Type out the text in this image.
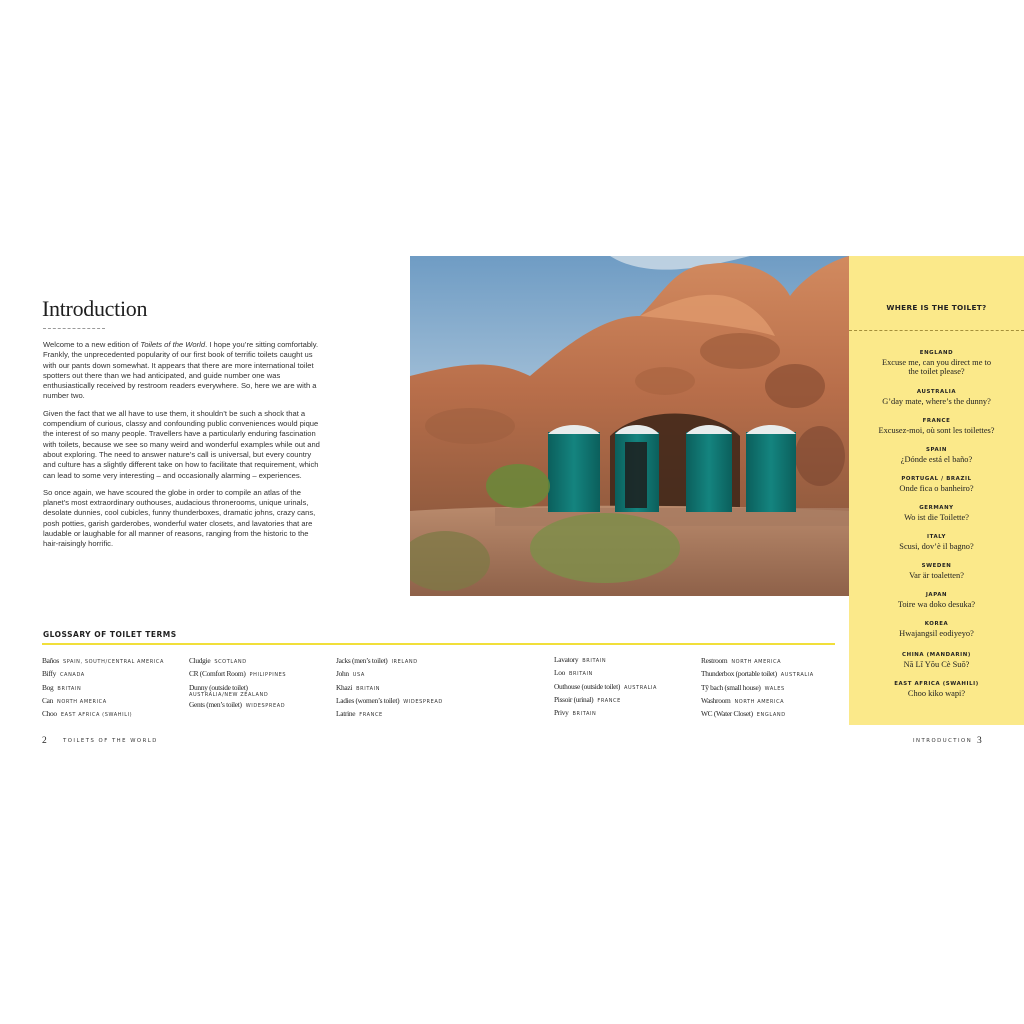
Introduction

Welcome to a new edition of Toilets of the World. I hope you’re sitting comfortably. Frankly, the unprecedented popularity of our first book of terrific toilets caught us with our pants down somewhat. It appears that there are more international toilet spotters out there than we had anticipated, and guide number one was enthusiastically received by restroom readers everywhere. So, here we are with a number two.

Given the fact that we all have to use them, it shouldn’t be such a shock that a compendium of curious, classy and confounding public conveniences would pique the interest of so many people. Travellers have a particularly enduring fascination with toilets, because we see so many weird and wonderful examples while out and about exploring. The need to answer nature’s call is universal, but every country and culture has a slightly different take on how to facilitate that requirement, which can lead to some very interesting – and occasionally alarming – experiences.

So once again, we have scoured the globe in order to compile an atlas of the planet’s most extraordinary outhouses, audacious thronerooms, unique urinals, desolate dunnies, cool cubicles, funny thunderboxes, dramatic johns, crazy cans, posh potties, garish garderobes, wonderful water closets, and lavatories that are laudable or laughable for all manner of reasons, ranging from the historic to the hair-raisingly horrific.

WHERE IS THE TOILET?
ENGLAND
Excuse me, can you direct me to the toilet please?
AUSTRALIA
G’day mate, where’s the dunny?
FRANCE
Excusez-moi, où sont les toilettes?
SPAIN
¿Dónde está el baño?
PORTUGAL / BRAZIL
Onde fica o banheiro?
GERMANY
Wo ist die Toilette?
ITALY
Scusi, dov’è il bagno?
SWEDEN
Var är toaletten?
JAPAN
Toire wa doko desuka?
KOREA
Hwajangsil eodiyeyo?
CHINA (MANDARIN)
Nă Lǐ Yŏu Cè Suŏ?
EAST AFRICA (SWAHILI)
Choo kiko wapi?
GLOSSARY OF TOILET TERMS
Baños SPAIN, SOUTH/CENTRAL AMERICA
Biffy CANADA
Bog BRITAIN
Can NORTH AMERICA
Choo EAST AFRICA (SWAHILI)
Cludgie SCOTLAND
CR (Comfort Room) PHILIPPINES
Dunny (outside toilet)
AUSTRALIA/NEW ZEALAND
Gents (men’s toilet) WIDESPREAD
Jacks (men’s toilet) IRELAND
John USA
Khazi BRITAIN
Ladies (women’s toilet) WIDESPREAD
Latrine FRANCE
Lavatory BRITAIN
Loo BRITAIN
Outhouse (outside toilet) AUSTRALIA
Pissoir (urinal) FRANCE
Privy BRITAIN
Restroom NORTH AMERICA
Thunderbox (portable toilet) AUSTRALIA
Tŷ bach (small house) WALES
Washroom NORTH AMERICA
WC (Water Closet) ENGLAND
2	TOILETS OF THE WORLD	INTRODUCTION 3
